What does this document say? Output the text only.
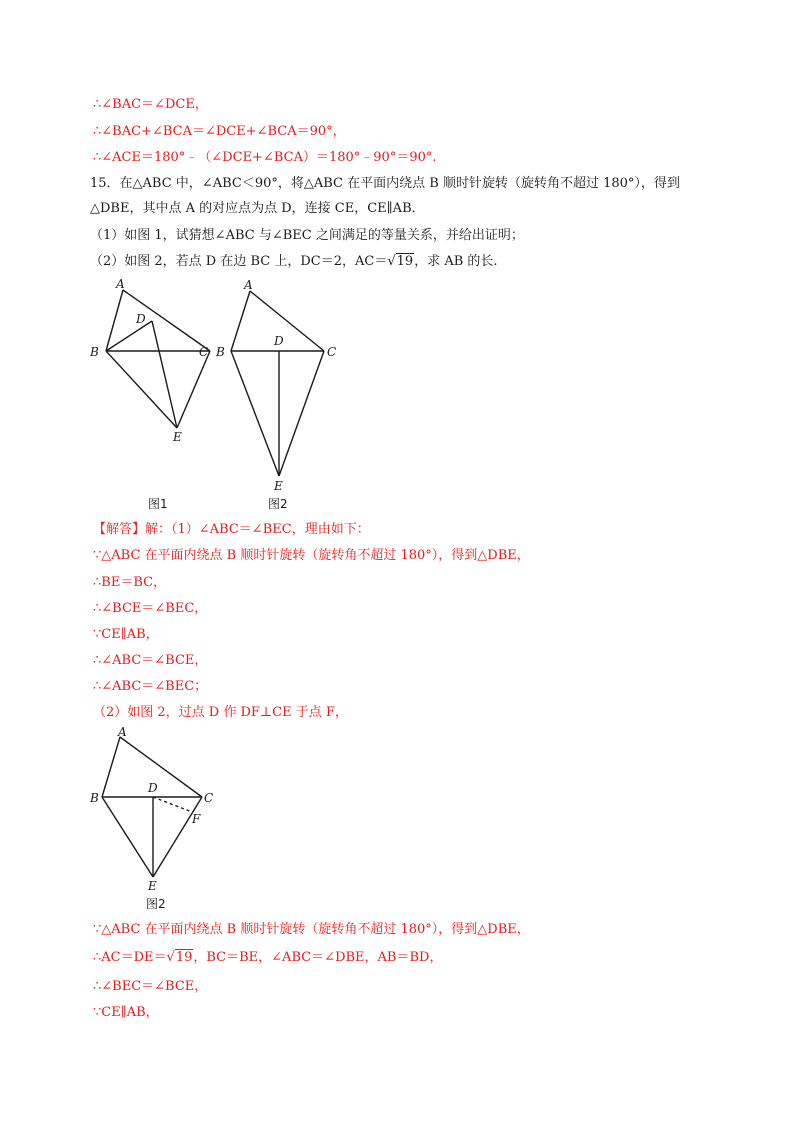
∴∠BAC＝∠DCE，
∴∠BAC+∠BCA＝∠DCE+∠BCA＝90°，
∴∠ACE＝180°﹣（∠DCE+∠BCA）＝180°﹣90°＝90°.
15．在△ABC 中，∠ABC＜90°，将△ABC 在平面内绕点 B 顺时针旋转（旋转角不超过 180°），得到
△DBE，其中点 A 的对应点为点 D，连接 CE，CE∥AB．
（1）如图 1，试猜想∠ABC 与∠BEC 之间满足的等量关系，并给出证明；
（2）如图 2，若点 D 在边 BC 上，DC＝2，AC＝√19，求 AB 的长.
A
B	C
D
E
图1
A
B	C
D
E
图2
【解答】解：（1）∠ABC＝∠BEC，理由如下：
∵△ABC 在平面内绕点 B 顺时针旋转（旋转角不超过 180°），得到△DBE，
∴BE＝BC，
∴∠BCE＝∠BEC，
∵CE∥AB，
∴∠ABC＝∠BCE，
∴∠ABC＝∠BEC；
（2）如图 2，过点 D 作 DF⊥CE 于点 F，
A
B	C
D
F
E
图2
∵△ABC 在平面内绕点 B 顺时针旋转（旋转角不超过 180°），得到△DBE，
∴AC＝DE＝√19，BC＝BE，∠ABC＝∠DBE，AB＝BD，
∴∠BEC＝∠BCE，
∵CE∥AB，
